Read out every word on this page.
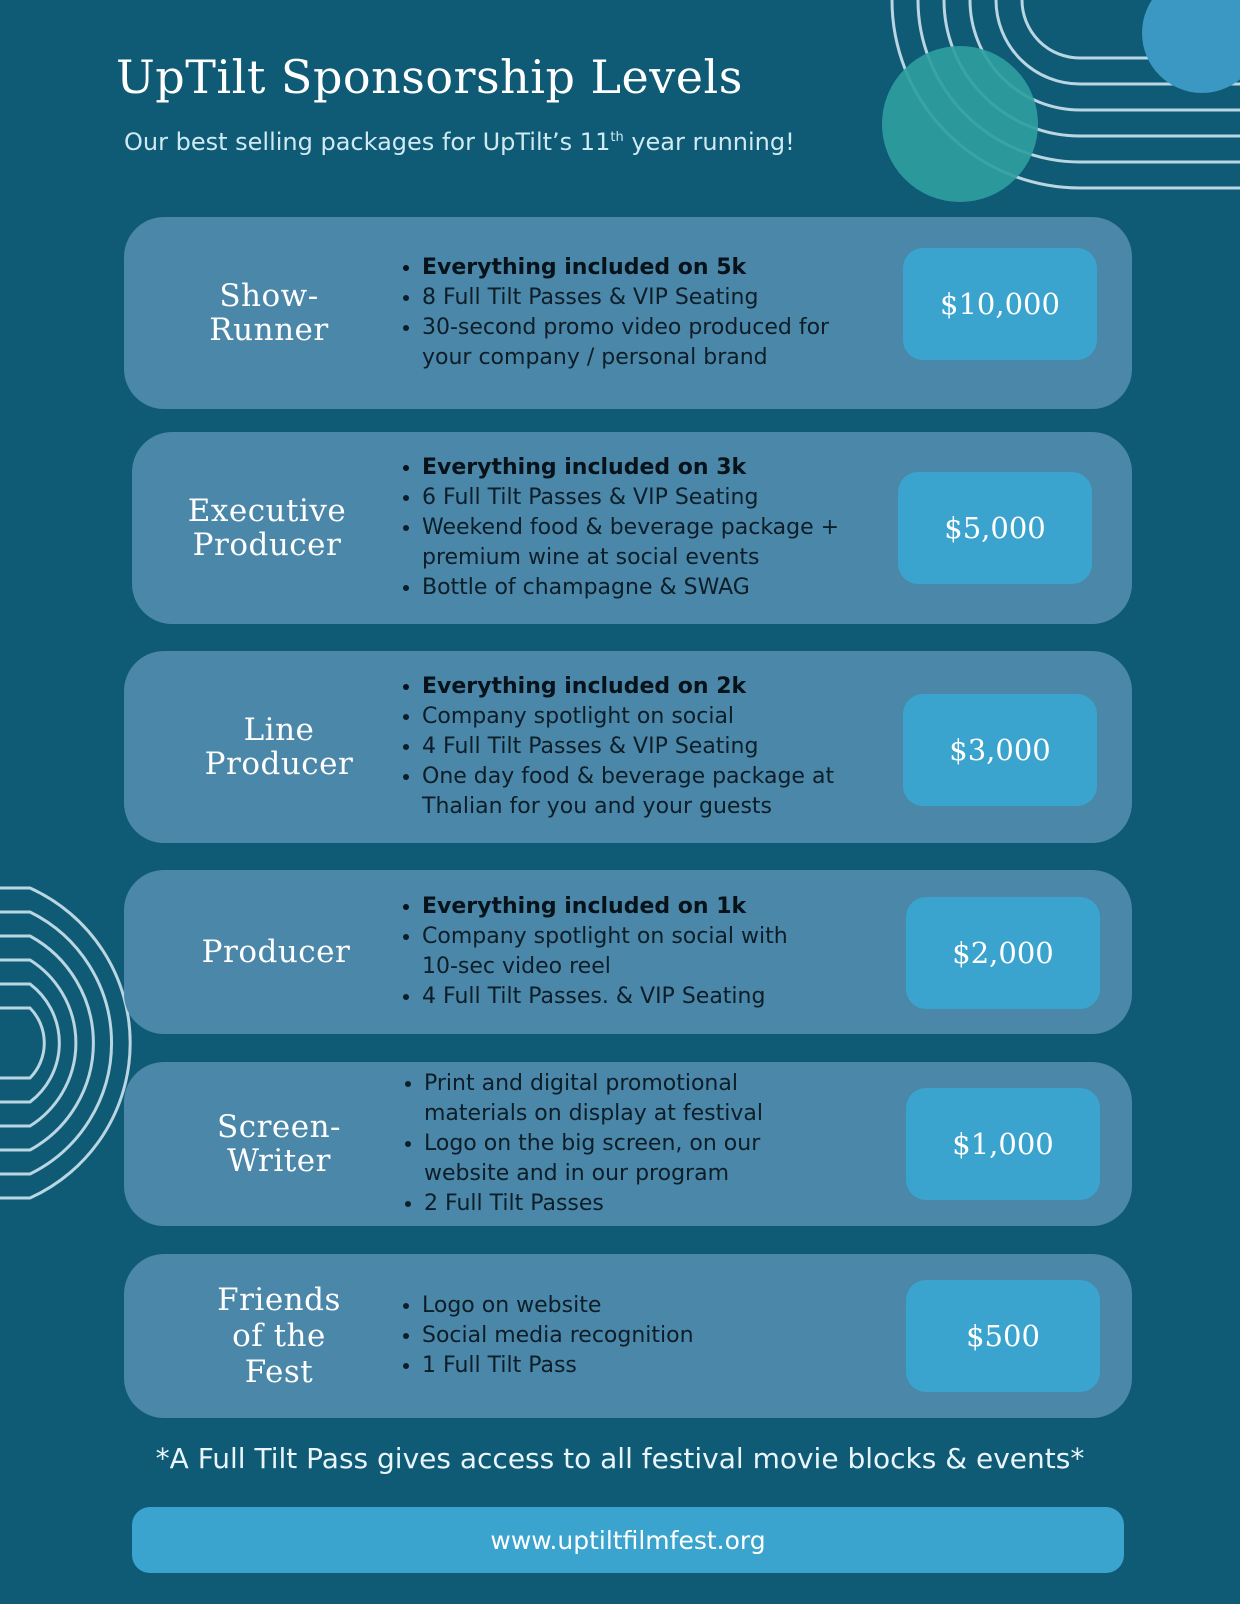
UpTilt Sponsorship Levels

Our best selling packages for UpTilt’s 11th year running!

Show-
Runner
• Everything included on 5k
• 8 Full Tilt Passes & VIP Seating
• 30-second promo video produced for your company / personal brand
$10,000
Executive
Producer
• Everything included on 3k
• 6 Full Tilt Passes & VIP Seating
• Weekend food & beverage package + premium wine at social events
• Bottle of champagne & SWAG
$5,000
Line
Producer
• Everything included on 2k
• Company spotlight on social
• 4 Full Tilt Passes & VIP Seating
• One day food & beverage package at Thalian for you and your guests
$3,000
Producer
• Everything included on 1k
• Company spotlight on social with 10-sec video reel
• 4 Full Tilt Passes. & VIP Seating
$2,000
Screen-
Writer
• Print and digital promotional materials on display at festival
• Logo on the big screen, on our website and in our program
• 2 Full Tilt Passes
$1,000
Friends
of the
Fest
• Logo on website
• Social media recognition
• 1 Full Tilt Pass
$500

*A Full Tilt Pass gives access to all festival movie blocks & events*

www.uptiltfilmfest.org
